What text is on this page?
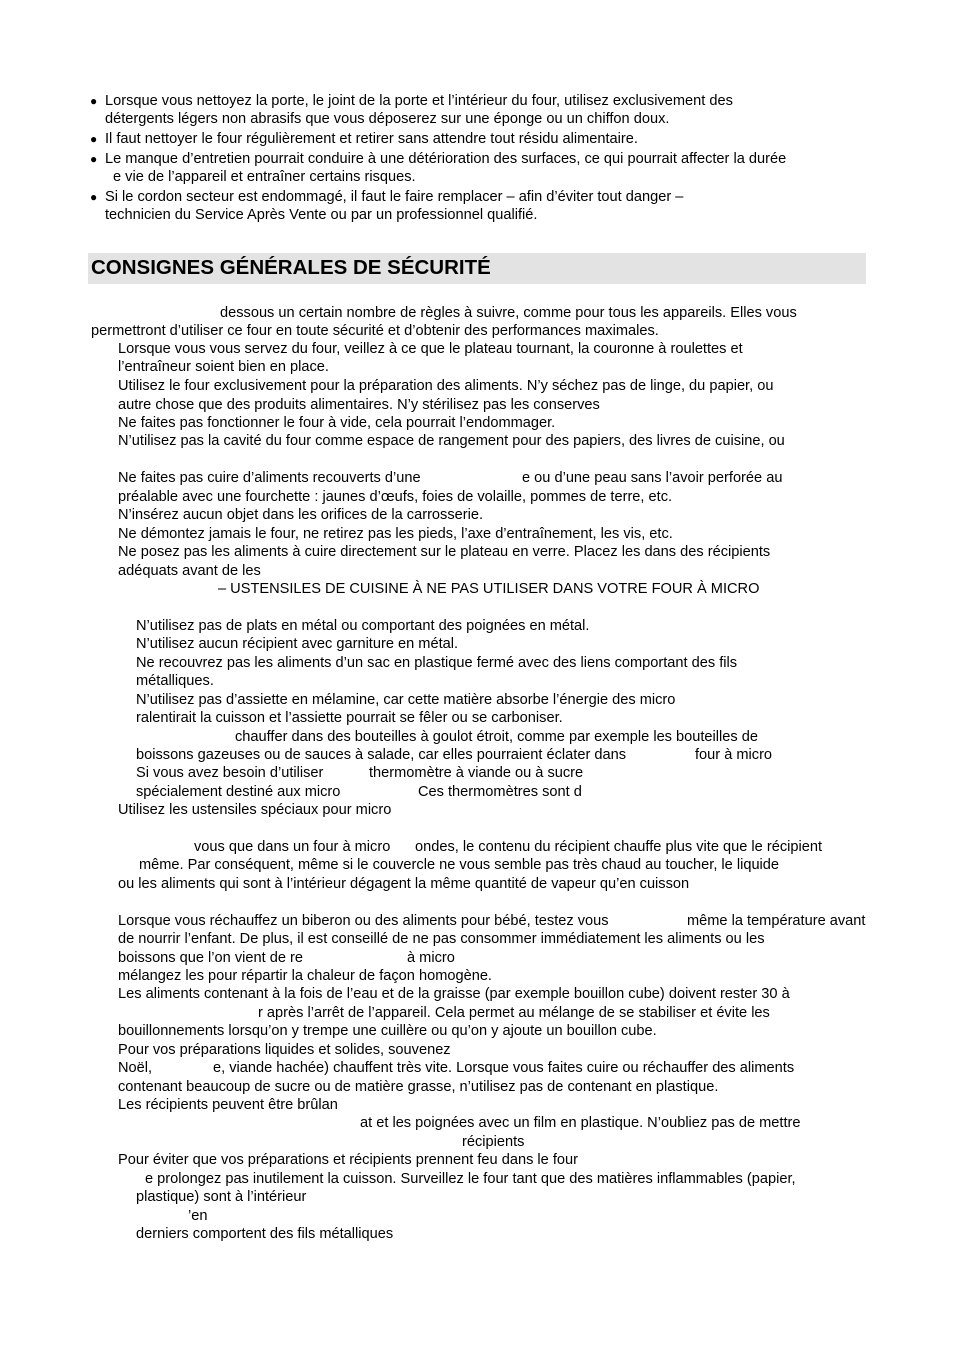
● Lorsque vous nettoyez la porte, le joint de la porte et l’intérieur du four, utilisez exclusivement des
détergents légers non abrasifs que vous déposerez sur une éponge ou un chiffon doux.
● Il faut nettoyer le four régulièrement et retirer sans attendre tout résidu alimentaire.
● Le manque d’entretien pourrait conduire à une détérioration des surfaces, ce qui pourrait affecter la durée
e vie de l’appareil et entraîner certains risques.
● Si le cordon secteur est endommagé, il faut le faire remplacer – afin d’éviter tout danger –
technicien du Service Après Vente ou par un professionnel qualifié.
CONSIGNES GÉNÉRALES DE SÉCURITÉ
dessous un certain nombre de règles à suivre, comme pour tous les appareils. Elles vous
permettront d’utiliser ce four en toute sécurité et d’obtenir des performances maximales.
Lorsque vous vous servez du four, veillez à ce que le plateau tournant, la couronne à roulettes et
l’entraîneur soient bien en place.
Utilisez le four exclusivement pour la préparation des aliments. N’y séchez pas de linge, du papier, ou
autre chose que des produits alimentaires. N’y stérilisez pas les conserves
Ne faites pas fonctionner le four à vide, cela pourrait l’endommager.
N’utilisez pas la cavité du four comme espace de rangement pour des papiers, des livres de cuisine, ou
Ne faites pas cuire d’aliments recouverts d’une	e ou d’une peau sans l’avoir perforée au
préalable avec une fourchette : jaunes d’œufs, foies de volaille, pommes de terre, etc.
N’insérez aucun objet dans les orifices de la carrosserie.
Ne démontez jamais le four, ne retirez pas les pieds, l’axe d’entraînement, les vis, etc.
Ne posez pas les aliments à cuire directement sur le plateau en verre. Placez les dans des récipients
adéquats avant de les
– USTENSILES DE CUISINE À NE PAS UTILISER DANS VOTRE FOUR À MICRO
N’utilisez pas de plats en métal ou comportant des poignées en métal.
N’utilisez aucun récipient avec garniture en métal.
Ne recouvrez pas les aliments d’un sac en plastique fermé avec des liens comportant des fils
métalliques.
N’utilisez pas d’assiette en mélamine, car cette matière absorbe l’énergie des micro
ralentirait la cuisson et l’assiette pourrait se fêler ou se carboniser.
chauffer dans des bouteilles à goulot étroit, comme par exemple les bouteilles de
boissons gazeuses ou de sauces à salade, car elles pourraient éclater dans	four à micro
Si vous avez besoin d’utiliser	thermomètre à viande ou à sucre
spécialement destiné aux micro	Ces thermomètres sont d
Utilisez les ustensiles spéciaux pour micro
vous que dans un four à micro ondes, le contenu du récipient chauffe plus vite que le récipient
même. Par conséquent, même si le couvercle ne vous semble pas très chaud au toucher, le liquide
ou les aliments qui sont à l’intérieur dégagent la même quantité de vapeur qu’en cuisson
Lorsque vous réchauffez un biberon ou des aliments pour bébé, testez vous	même la température avant
de nourrir l’enfant. De plus, il est conseillé de ne pas consommer immédiatement les aliments ou les
boissons que l’on vient de re	à micro
mélangez les pour répartir la chaleur de façon homogène.
Les aliments contenant à la fois de l’eau et de la graisse (par exemple bouillon cube) doivent rester 30 à
r après l’arrêt de l’appareil. Cela permet au mélange de se stabiliser et évite les
bouillonnements lorsqu’on y trempe une cuillère ou qu’on y ajoute un bouillon cube.
Pour vos préparations liquides et solides, souvenez
Noël,	e, viande hachée) chauffent très vite. Lorsque vous faites cuire ou réchauffer des aliments
contenant beaucoup de sucre ou de matière grasse, n’utilisez pas de contenant en plastique.
Les récipients peuvent être brûlan
at et les poignées avec un film en plastique. N’oubliez pas de mettre
récipients
Pour éviter que vos préparations et récipients prennent feu dans le four
e prolongez pas inutilement la cuisson. Surveillez le four tant que des matières inflammables (papier,
plastique) sont à l’intérieur
’en
derniers comportent des fils métalliques
